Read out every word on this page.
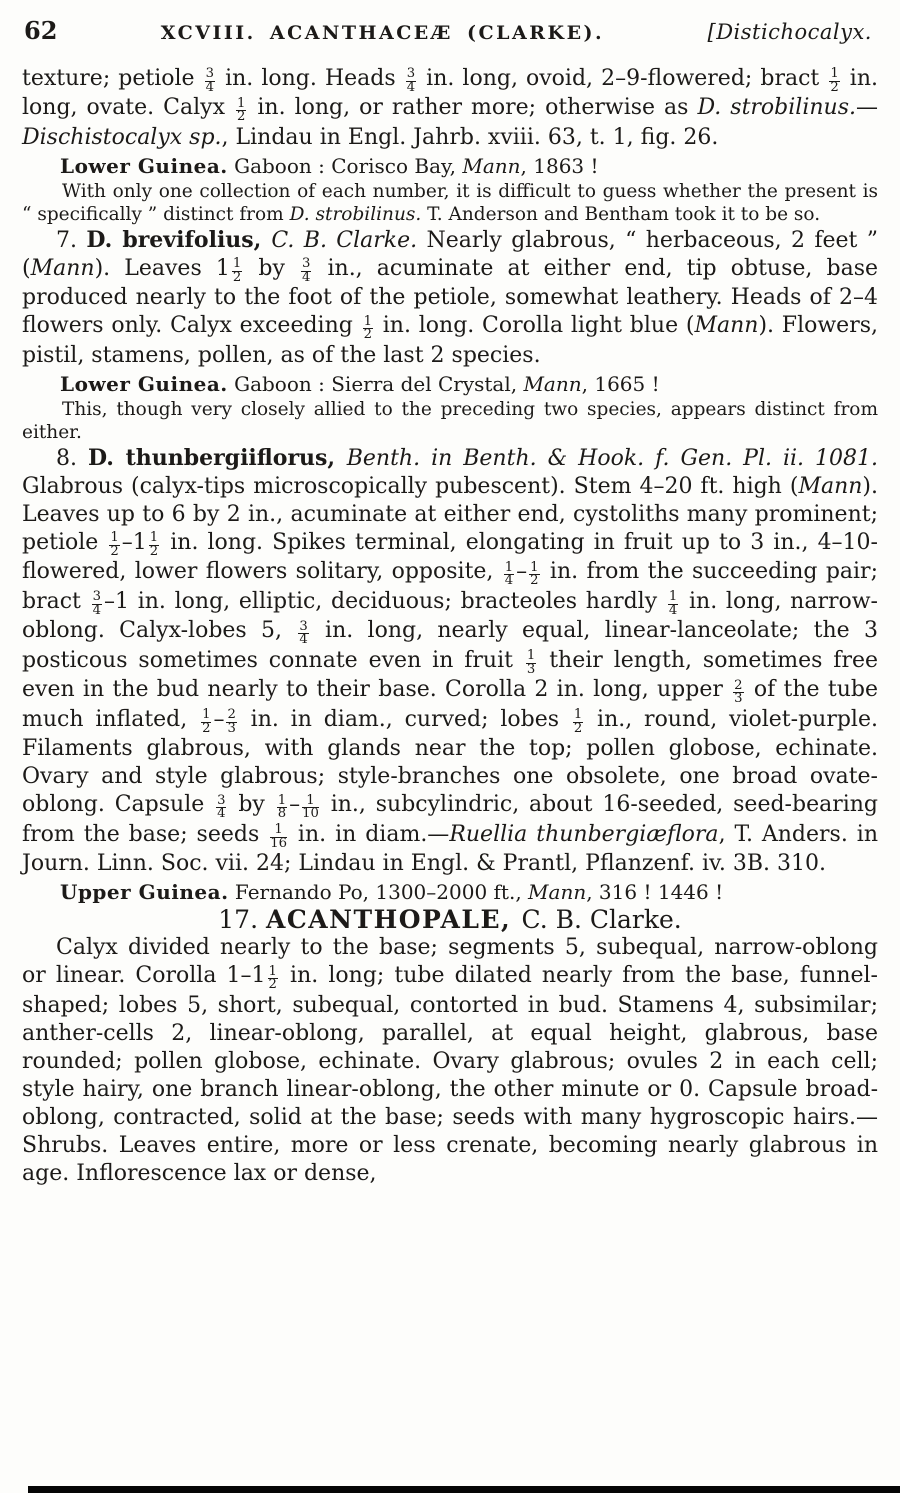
62	XCVIII. ACANTHACEÆ (CLARKE).	[Distichocalyx.

texture; petiole $\frac{3}{4}$ in. long. Heads $\frac{3}{4}$ in. long, ovoid, 2–9-flowered; bract $\frac{1}{2}$ in. long, ovate. Calyx $\frac{1}{2}$ in. long, or rather more; otherwise as D. strobilinus.—Dischistocalyx sp., Lindau in Engl. Jahrb. xviii. 63, t. 1, fig. 26.

Lower Guinea. Gaboon : Corisco Bay, Mann, 1863 !

With only one collection of each number, it is difficult to guess whether the present is “ specifically ” distinct from D. strobilinus. T. Anderson and Bentham took it to be so.

7. D. brevifolius, C. B. Clarke. Nearly glabrous, “ herbaceous, 2 feet ” (Mann). Leaves $1 \frac{1}{2}$ by $\frac{3}{4}$ in., acuminate at either end, tip obtuse, base produced nearly to the foot of the petiole, somewhat leathery. Heads of 2–4 flowers only. Calyx exceeding $\frac{1}{2}$ in. long. Corolla light blue (Mann). Flowers, pistil, stamens, pollen, as of the last 2 species.

Lower Guinea. Gaboon : Sierra del Crystal, Mann, 1665 !

This, though very closely allied to the preceding two species, appears distinct from either.

8. D. thunbergiiflorus, Benth. in Benth. & Hook. f. Gen. Pl. ii. 1081. Glabrous (calyx-tips microscopically pubescent). Stem 4–20 ft. high (Mann). Leaves up to 6 by 2 in., acuminate at either end, cystoliths many prominent; petiole $\frac{1}{2} -1 \frac{1}{2}$ in. long. Spikes terminal, elongating in fruit up to 3 in., 4–10-flowered, lower flowers solitary, opposite, $\frac{1}{4} - \frac{1}{2}$ in. from the succeeding pair; bract $\frac{3}{4} -1$ in. long, elliptic, deciduous; bracteoles hardly $\frac{1}{4}$ in. long, narrow-oblong. Calyx-lobes 5, $\frac{3}{4}$ in. long, nearly equal, linear-lanceolate; the 3 posticous sometimes connate even in fruit $\frac{1}{3}$ their length, sometimes free even in the bud nearly to their base. Corolla 2 in. long, upper $\frac{2}{3}$ of the tube much inflated, $\frac{1}{2} - \frac{2}{3}$ in. in diam., curved; lobes $\frac{1}{2}$ in., round, violet-purple. Filaments glabrous, with glands near the top; pollen globose, echinate. Ovary and style glabrous; style-branches one obsolete, one broad ovate-oblong. Capsule $\frac{3}{4}$ by $\frac{1}{8} - \frac{1}{10}$ in., subcylindric, about 16-seeded, seed-bearing from the base; seeds $\frac{1}{16}$ in. in diam.—Ruellia thunbergiæflora, T. Anders. in Journ. Linn. Soc. vii. 24; Lindau in Engl. & Prantl, Pflanzenf. iv. 3B. 310.

Upper Guinea. Fernando Po, 1300–2000 ft., Mann, 316 ! 1446 !

17. ACANTHOPALE, C. B. Clarke.

Calyx divided nearly to the base; segments 5, subequal, narrow-oblong or linear. Corolla $1-1 \frac{1}{2}$ in. long; tube dilated nearly from the base, funnel-shaped; lobes 5, short, subequal, contorted in bud. Stamens 4, subsimilar; anther-cells 2, linear-oblong, parallel, at equal height, glabrous, base rounded; pollen globose, echinate. Ovary glabrous; ovules 2 in each cell; style hairy, one branch linear-oblong, the other minute or 0. Capsule broad-oblong, contracted, solid at the base; seeds with many hygroscopic hairs.—Shrubs. Leaves entire, more or less crenate, becoming nearly glabrous in age. Inflorescence lax or dense,
